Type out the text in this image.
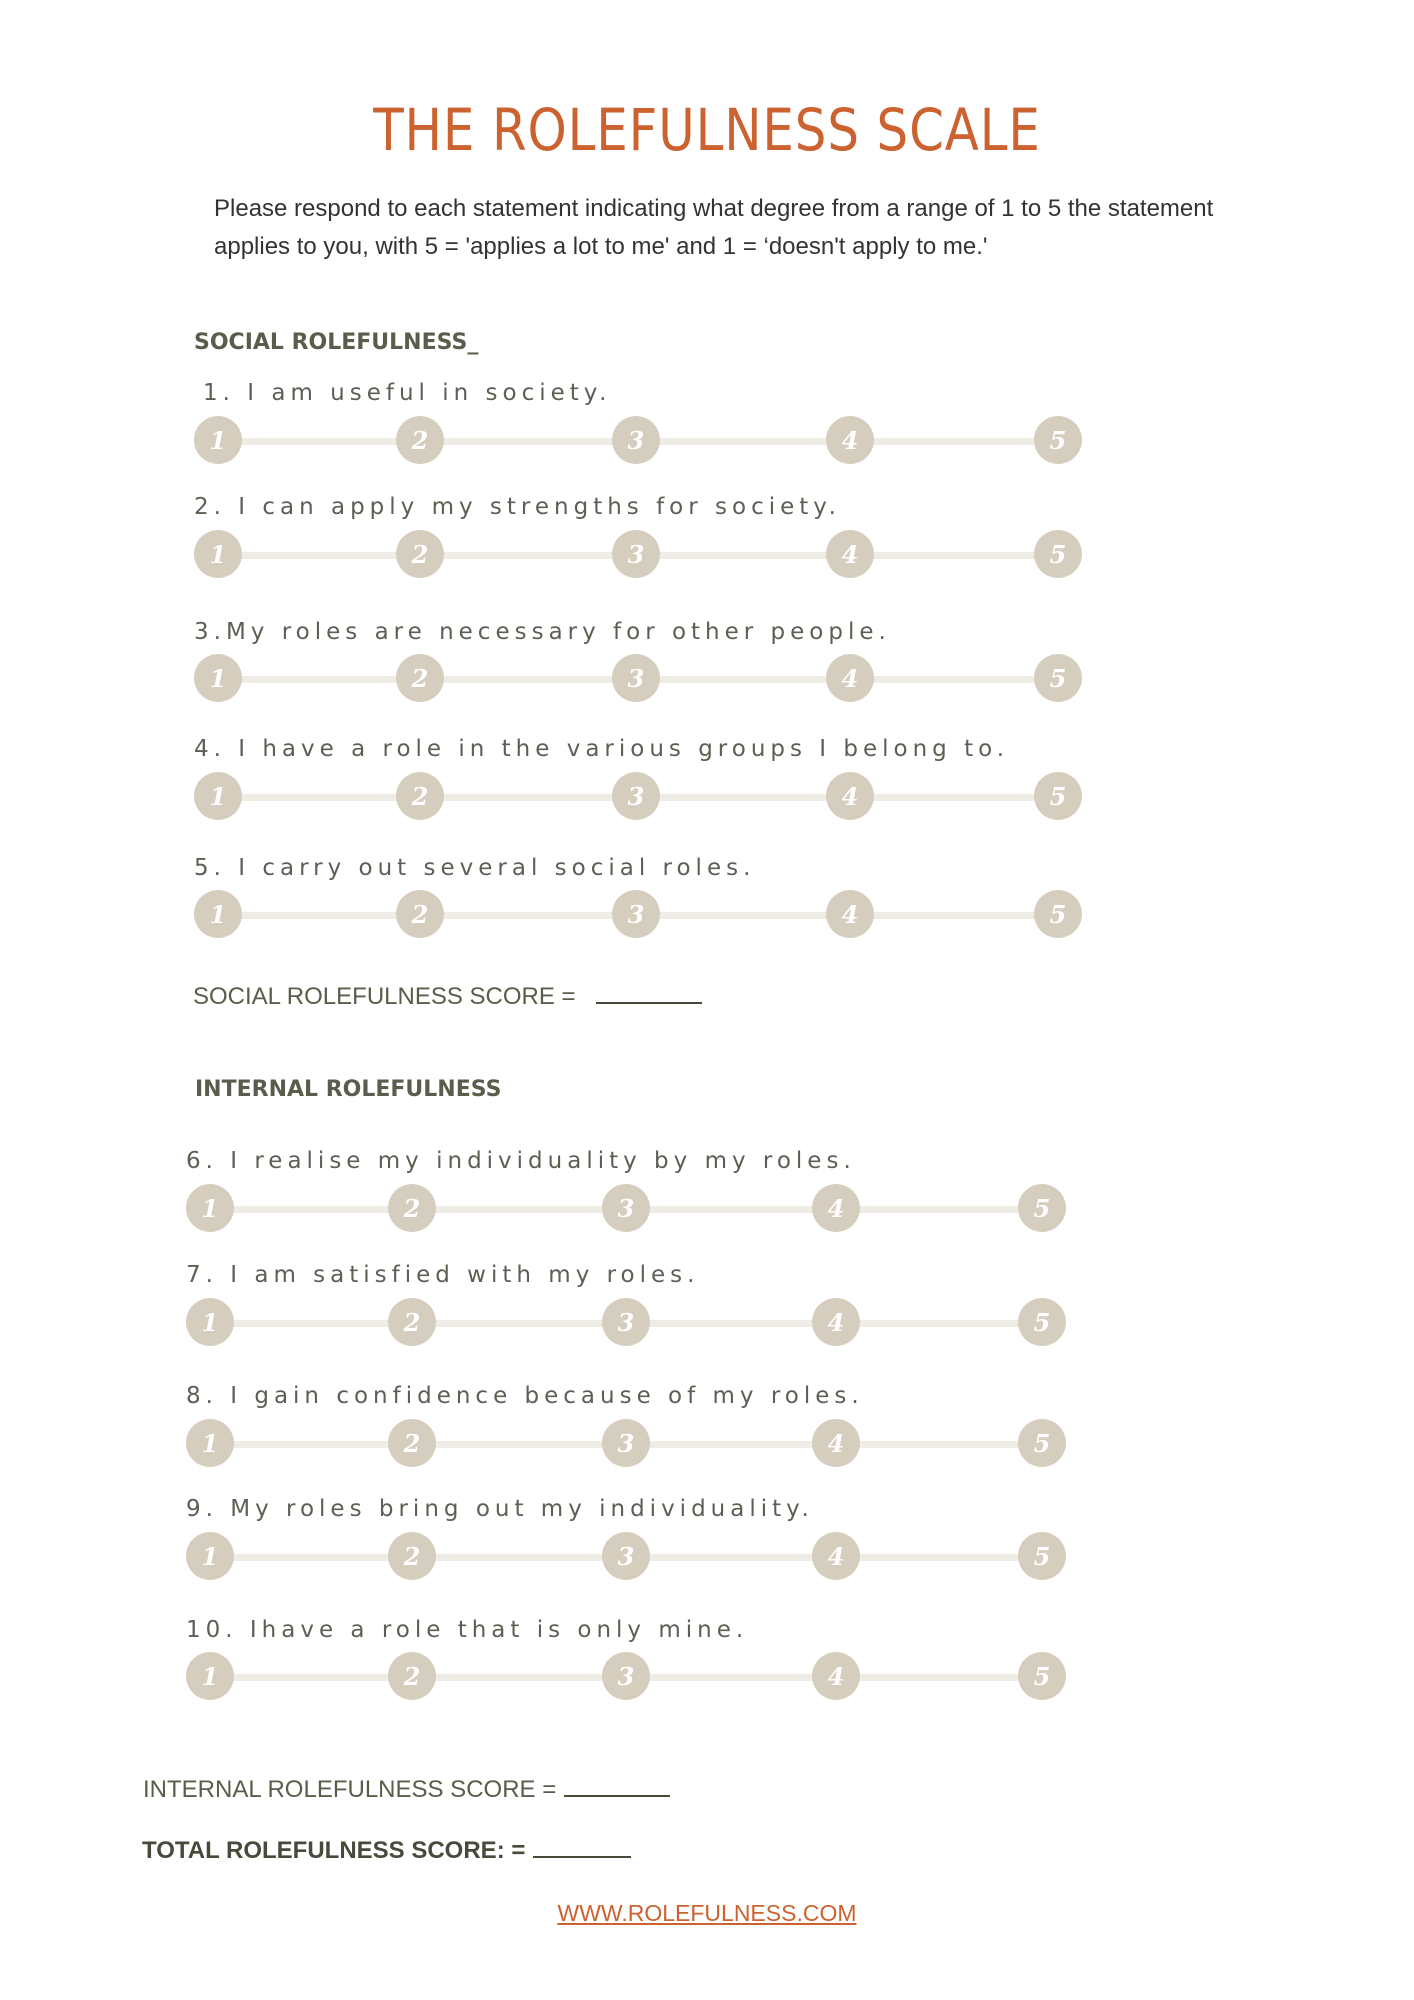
THE ROLEFULNESS SCALE
Please respond to each statement indicating what degree from a range of 1 to 5 the statement applies to you, with 5 = 'applies a lot to me' and 1 = ‘doesn't apply to me.'
SOCIAL ROLEFULNESS_
1. I am useful in society.
1	2	3	4	5
2. I can apply my strengths for society.
1	2	3	4	5
3.My roles are necessary for other people.
1	2	3	4	5
4. I have a role in the various groups I belong to.
1	2	3	4	5
5. I carry out several social roles.
1	2	3	4	5
SOCIAL ROLEFULNESS SCORE =
INTERNAL ROLEFULNESS
6. I realise my individuality by my roles.
1	2	3	4	5
7. I am satisfied with my roles.
1	2	3	4	5
8. I gain confidence because of my roles.
1	2	3	4	5
9. My roles bring out my individuality.
1	2	3	4	5
10. Ihave a role that is only mine.
1	2	3	4	5
INTERNAL ROLEFULNESS SCORE =
TOTAL ROLEFULNESS SCORE: =
WWW.ROLEFULNESS.COM
